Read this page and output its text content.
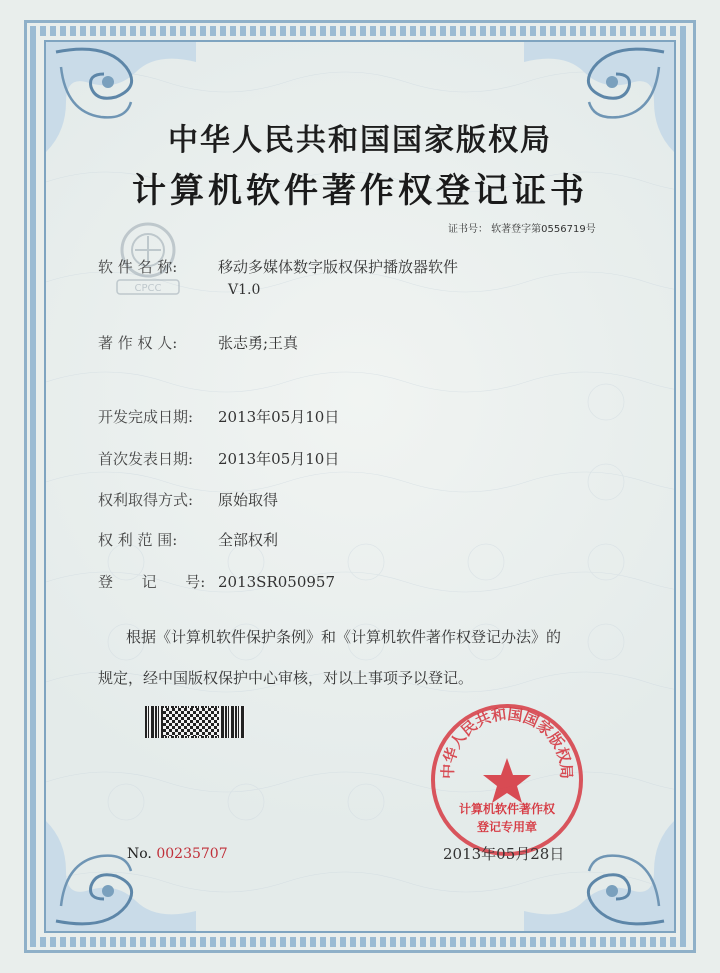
中华人民共和国国家版权局
计算机软件著作权登记证书
证书号： 软著登字第0556719号
CPCC
软 件 名 称:	移动多媒体数字版权保护播放器软件
V1.0
著 作 权 人:	张志勇;王真
开发完成日期: 2013年05月10日
首次发表日期: 2013年05月10日
权利取得方式: 原始取得
权 利 范 围:	全部权利
登      记      号: 2013SR050957
根据《计算机软件保护条例》和《计算机软件著作权登记办法》的
规定，经中国版权保护中心审核，对以上事项予以登记。
中华人民共和国国家版权局
计算机软件著作权
登记专用章
No. 00235707	2013年05月28日
